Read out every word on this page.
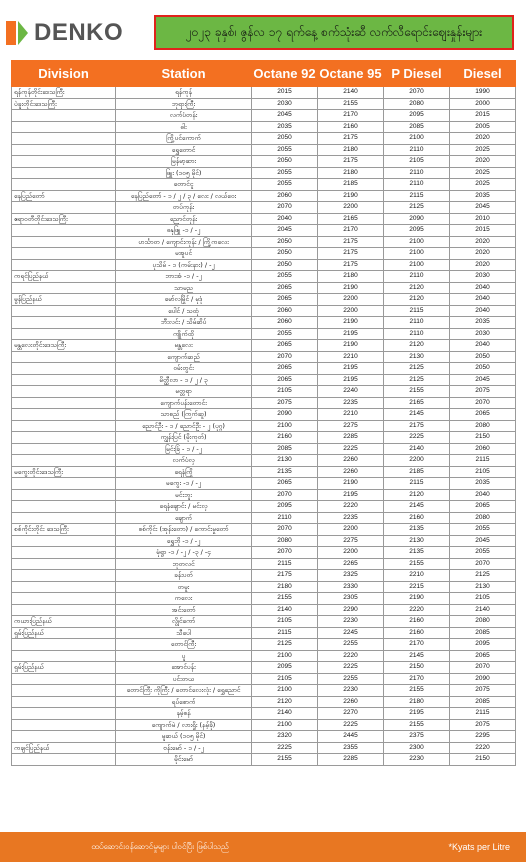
DENKO	၂၀၂၃ ခုနှစ်၊ ဇွန်လ ၁၇ ရက်နေ့ စက်သုံးဆီ လက်လီရောင်းဈေးနှုန်းများ
Division	Station	Octane 92	Octane 95	P Diesel	Diesel
ရန်ကုန်တိုင်းဒေသကြီး	ရန်ကုန်	2015	2140	2070	1990
ပဲခူးတိုင်းဒေသကြီး	ဘုရားကြီး	2030	2155	2080	2000
	လက်ပံတန်း	2045	2170	2095	2015
	ဓါး	2035	2160	2085	2005
	ကြို့ပင်ကောက်	2050	2175	2100	2020
	ရွှေတောင်	2055	2180	2110	2025
	မြန်မာ့ဆား	2050	2175	2105	2020
	ဖြူး (၁၀၅ မိုင်)	2055	2180	2110	2025
	တောင်ငူ	2055	2185	2110	2025
နေပြည်တော်	နေပြည်တော် - ၁ / ၂ / ၃ / လေး / လယ်ဝေး	2060	2190	2115	2035
	တပ်ကုန်း	2070	2200	2125	2045
ဧရာဝတီတိုင်းဒေသကြီး	ညောင်တုန်း	2040	2165	2090	2010
	ဓနုဖြူ -၁ / -၂	2045	2170	2095	2015
	ဟင်္သာတ / ကျောင်းကုန်း / ကြို့ကလေး	2050	2175	2100	2020
	မအူပင်	2050	2175	2100	2020
	ပုသိမ် - ၁ (ကမ်းနား) / -၂	2050	2175	2100	2020
ကရင်ပြည်နယ်	ဘားအံ -၁ / -၂	2055	2180	2110	2030
	သာမည	2065	2190	2120	2040
မွန်ပြည်နယ်	မော်လမြိုင် / မုဒုံ	2065	2200	2120	2040
	ပေါင် / သထုံ	2060	2200	2115	2040
	ဘီးလင်း / သိမ်ဆိပ်	2060	2190	2110	2035
	ကျိုက်ထို	2055	2195	2110	2030
မန္တလေးတိုင်းဒေသကြီး	မန္တလေး	2065	2190	2120	2040
	ကျောက်ဆည်	2070	2210	2130	2050
	ဝမ်းတွင်း	2065	2195	2125	2050
	မိတ္ထီလာ - ၁ / ၂ / ၃	2065	2195	2125	2045
	မတ္တရာ	2105	2240	2155	2075
	ကျောက်ပန်းတောင်း	2075	2235	2165	2070
	သာစည် (ကြက်ဆူ)	2090	2210	2145	2065
	ညောင်ဦး - ၁ / ညောင်ဦး - ၂ (ပုဂ္ဂ)	2100	2275	2175	2080
	ကျွန်းပြင် (မိုးကုတ်)	2160	2285	2225	2150
	မြင်းခြံ - ၁ / -၂	2085	2225	2140	2060
	လက်ပံလှ	2130	2260	2200	2115
မကွေးတိုင်းဒေသကြီး	ရေနံကြို	2135	2260	2185	2105
	မကွေး -၁ / -၂	2065	2190	2115	2035
	မင်းဘူး	2070	2195	2120	2040
	ရေနံချောင်း / မင်းလှ	2095	2220	2145	2065
	ချောက်	2110	2235	2160	2080
စစ်ကိုင်းတိုင်း ဒေသကြီး	စစ်ကိုင်း (အုန်းတော) / ကောင်းမှုတော်	2070	2200	2135	2055
	ရွှေဘို -၁ / -၂	2080	2275	2130	2045
	မုံရွာ -၁ / -၂ / -၃ / -၄	2070	2200	2135	2055
	ဘုတလင်	2115	2265	2155	2070
	ခန်းပတ်	2175	2325	2210	2125
	တမူး	2180	2330	2215	2130
	ကလေး	2155	2305	2190	2105
	အင်းတော်	2140	2290	2220	2140
ကယားပြည်နယ်	လွိုင်ကော်	2105	2230	2160	2080
ရှမ်းပြည်နယ်	သီပေါ	2115	2245	2160	2085
	တောင်ကြီး	2125	2255	2170	2095
	ပူ	2100	2220	2145	2065
ရှမ်းပြည်နယ်	အောင်ပန်း	2095	2225	2150	2070
	ပင်းတယ	2105	2255	2170	2090
	တောင်ကြီး ကိုကြီး / တောင်လေးလုံး / ရွှေညောင်	2100	2230	2155	2075
	ရပ်စောက်	2120	2260	2180	2085
	နမ့်စန်	2140	2270	2195	2115
	ကျောက်မဲ / လားရှိုး (နမ့်ခို)	2100	2225	2155	2075
	မူဆယ် (၁၀၅ မိုင်)	2320	2445	2375	2295
ကချင်ပြည်နယ်	ဗန်းမော် - ၁ / -၂	2225	2355	2300	2220
	မိုင်းမော်	2155	2285	2230	2150
ထပ်ဆောင်းဝန်ဆောင်မှုများ ပါဝင်ပြီး ဖြစ်ပါသည်	*Kyats per Litre
